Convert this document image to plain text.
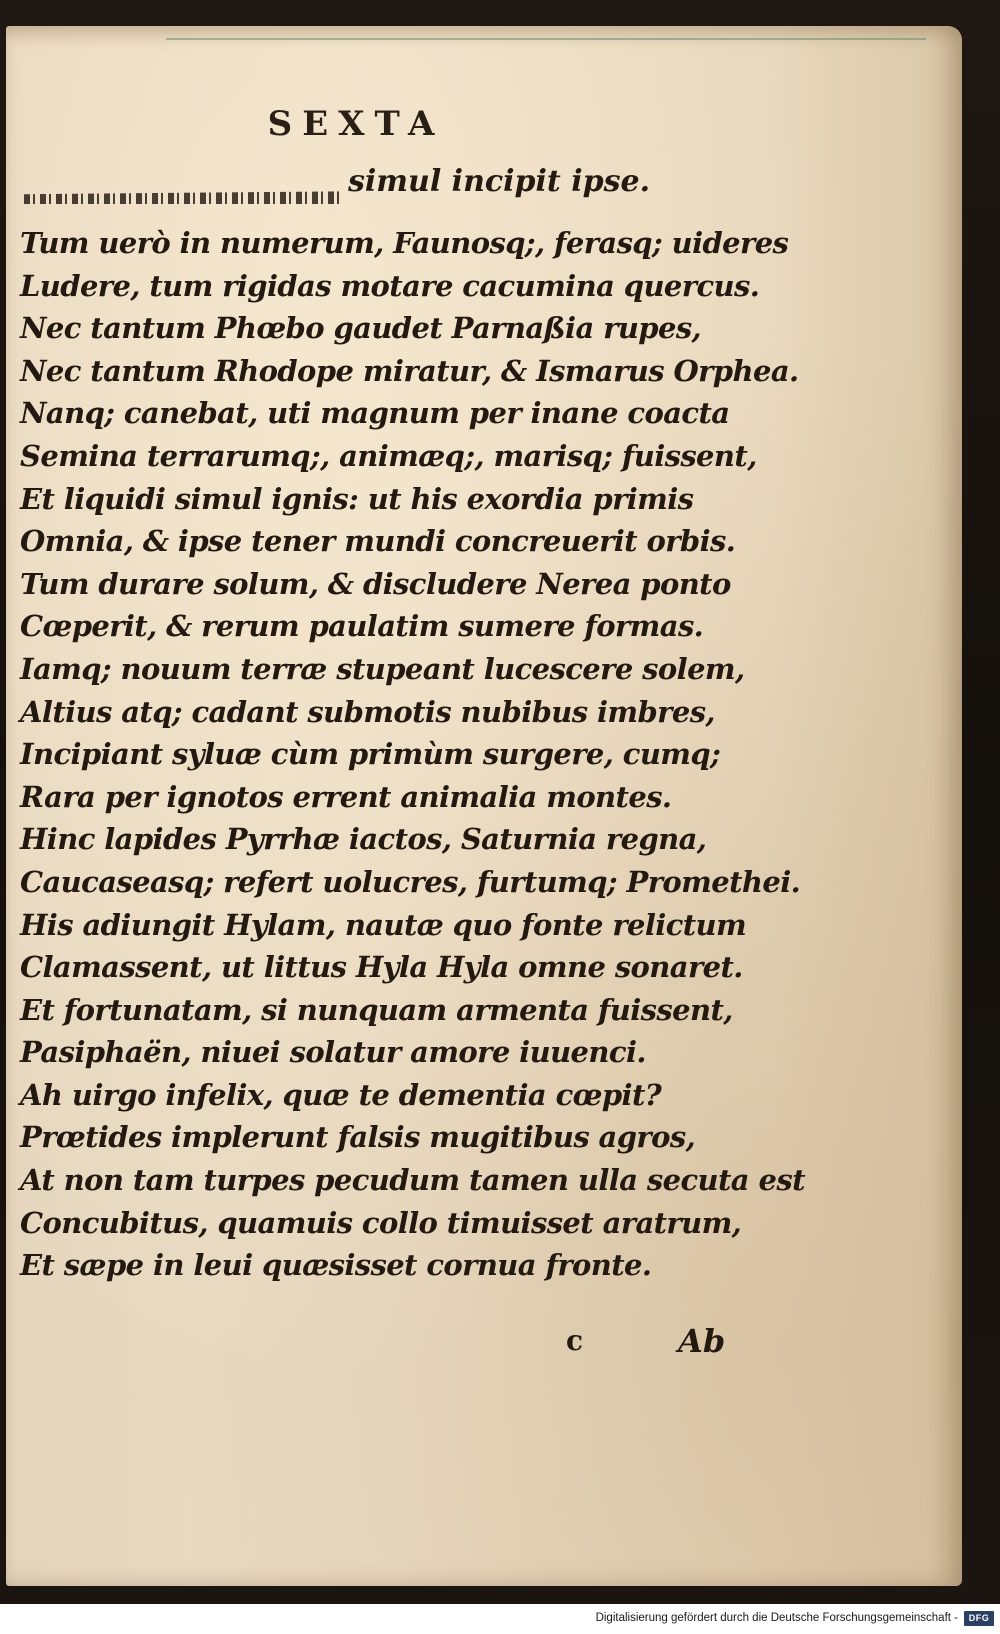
SEXTA
simul incipit ipse.
Tum uerò in numerum, Faunosq;, ferasq; uideres
Ludere, tum rigidas motare cacumina quercus.
Nec tantum Phœbo gaudet Parnaßia rupes,
Nec tantum Rhodope miratur, & Ismarus Orphea.
Nanq; canebat, uti magnum per inane coacta
Semina terrarumq;, animæq;, marisq; fuissent,
Et liquidi simul ignis: ut his exordia primis
Omnia, & ipse tener mundi concreuerit orbis.
Tum durare solum, & discludere Nerea ponto
Cœperit, & rerum paulatim sumere formas.
Iamq; nouum terræ stupeant lucescere solem,
Altius atq; cadant submotis nubibus imbres,
Incipiant syluæ cùm primùm surgere, cumq;
Rara per ignotos errent animalia montes.
Hinc lapides Pyrrhæ iactos, Saturnia regna,
Caucaseasq; refert uolucres, furtumq; Promethei.
His adiungit Hylam, nautæ quo fonte relictum
Clamassent, ut littus Hyla Hyla omne sonaret.
Et fortunatam, si nunquam armenta fuissent,
Pasiphaën, niuei solatur amore iuuenci.
Ah uirgo infelix, quæ te dementia cœpit?
Prœtides implerunt falsis mugitibus agros,
At non tam turpes pecudum tamen ulla secuta est
Concubitus, quamuis collo timuisset aratrum,
Et sæpe in leui quæsisset cornua fronte.
c	Ab
Digitalisierung gefördert durch die Deutsche Forschungsgemeinschaft -	DFG
